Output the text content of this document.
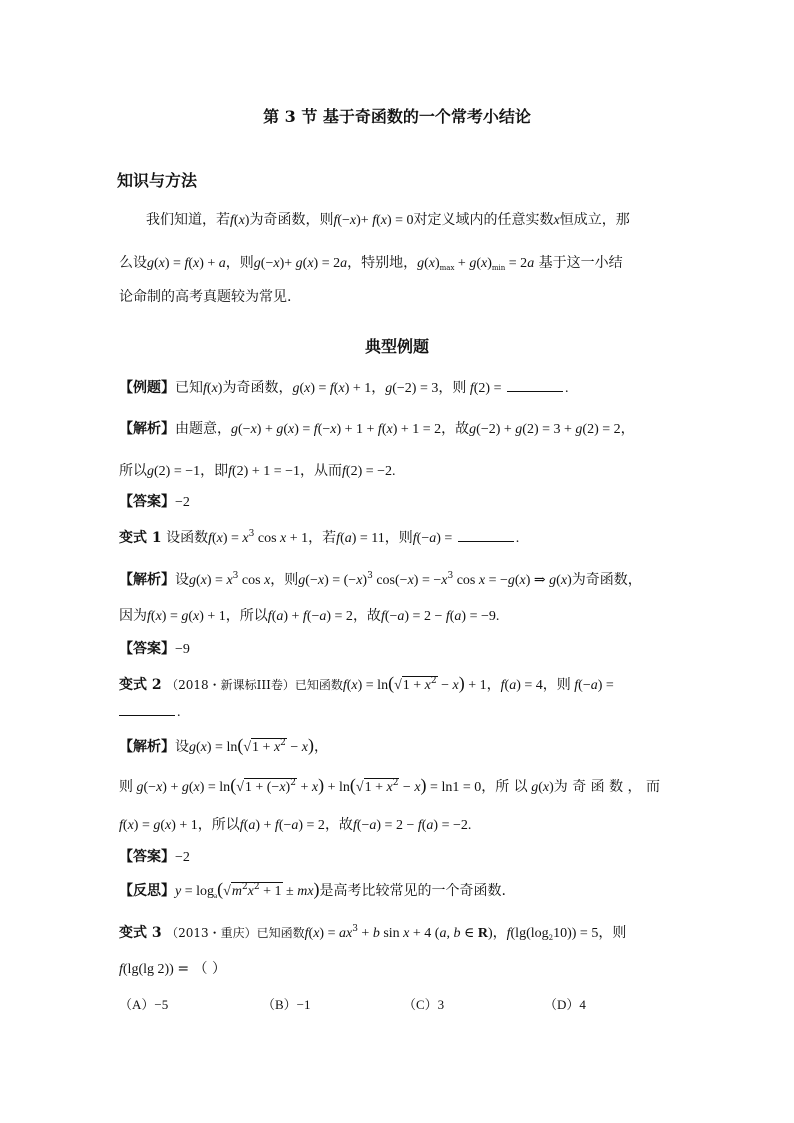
第 3 节 基于奇函数的一个常考小结论
知识与方法
我们知道，若f(x)为奇函数，则f(−x)+ f(x) = 0对定义域内的任意实数x恒成立，那
么设g(x) = f(x) + a，则g(−x)+ g(x) = 2a，特别地，$g(x)_{max} + g(x)_{min} = 2a$ 基于这一小结
论命制的高考真题较为常见.
典型例题
【例题】已知f(x)为奇函数，g(x) = f(x) + 1，g(−2) = 3，则 f(2) =	.
【解析】由题意，g(−x) + g(x) = f(−x) + 1 + f(x) + 1 = 2，故g(−2) + g(2) = 3 + g(2) = 2，
所以g(2) = −1，即f(2) + 1 = −1，从而f(2) = −2.
【答案】−2
变式 1 设函数$f(x) = x^3$ cos x + 1，若f(a) = 11，则f(−a) =	.
【解析】设$g(x) = x^3$ cos x，则$g(-x) = (-x)^3$ $\cos(-x) = -x^3$ cos x = −g(x) ⇒ g(x)为奇函数，
因为f(x) = g(x) + 1，所以f(a) + f(−a) = 2，故f(−a) = 2 − f(a) = −9.
【答案】−9
变式 2 （2018・新课标III卷）已知函数$f(x) = \ln(√1 + x^2 - x) + 1$，f(a) = 4，则 f(−a) =
.
【解析】设$g(x) = \ln(√1 + x^2 - x)$，
则 $g(-x) + g(x) = \ln(√1 + (-x)^2 + x) + \ln(√1 + x^2 - x) = \ln 1 = 0$，所 以 g(x)为 奇 函 数 ， 而
f(x) = g(x) + 1，所以f(a) + f(−a) = 2，故f(−a) = 2 − f(a) = −2.
【答案】−2
【反思】$y = \log_a(√m^2x^2 + 1 \pm mx)$是高考比较常见的一个奇函数.
变式 3 （2013・重庆）已知函数$f(x) = ax^3 + b$ sin x + 4 (a, b ∈ R)，$f(\lg(\log_210)) = 5$，则
f(lg(lg 2)) = （ ）
（A）−5	（B）−1	（C）3	（D）4
